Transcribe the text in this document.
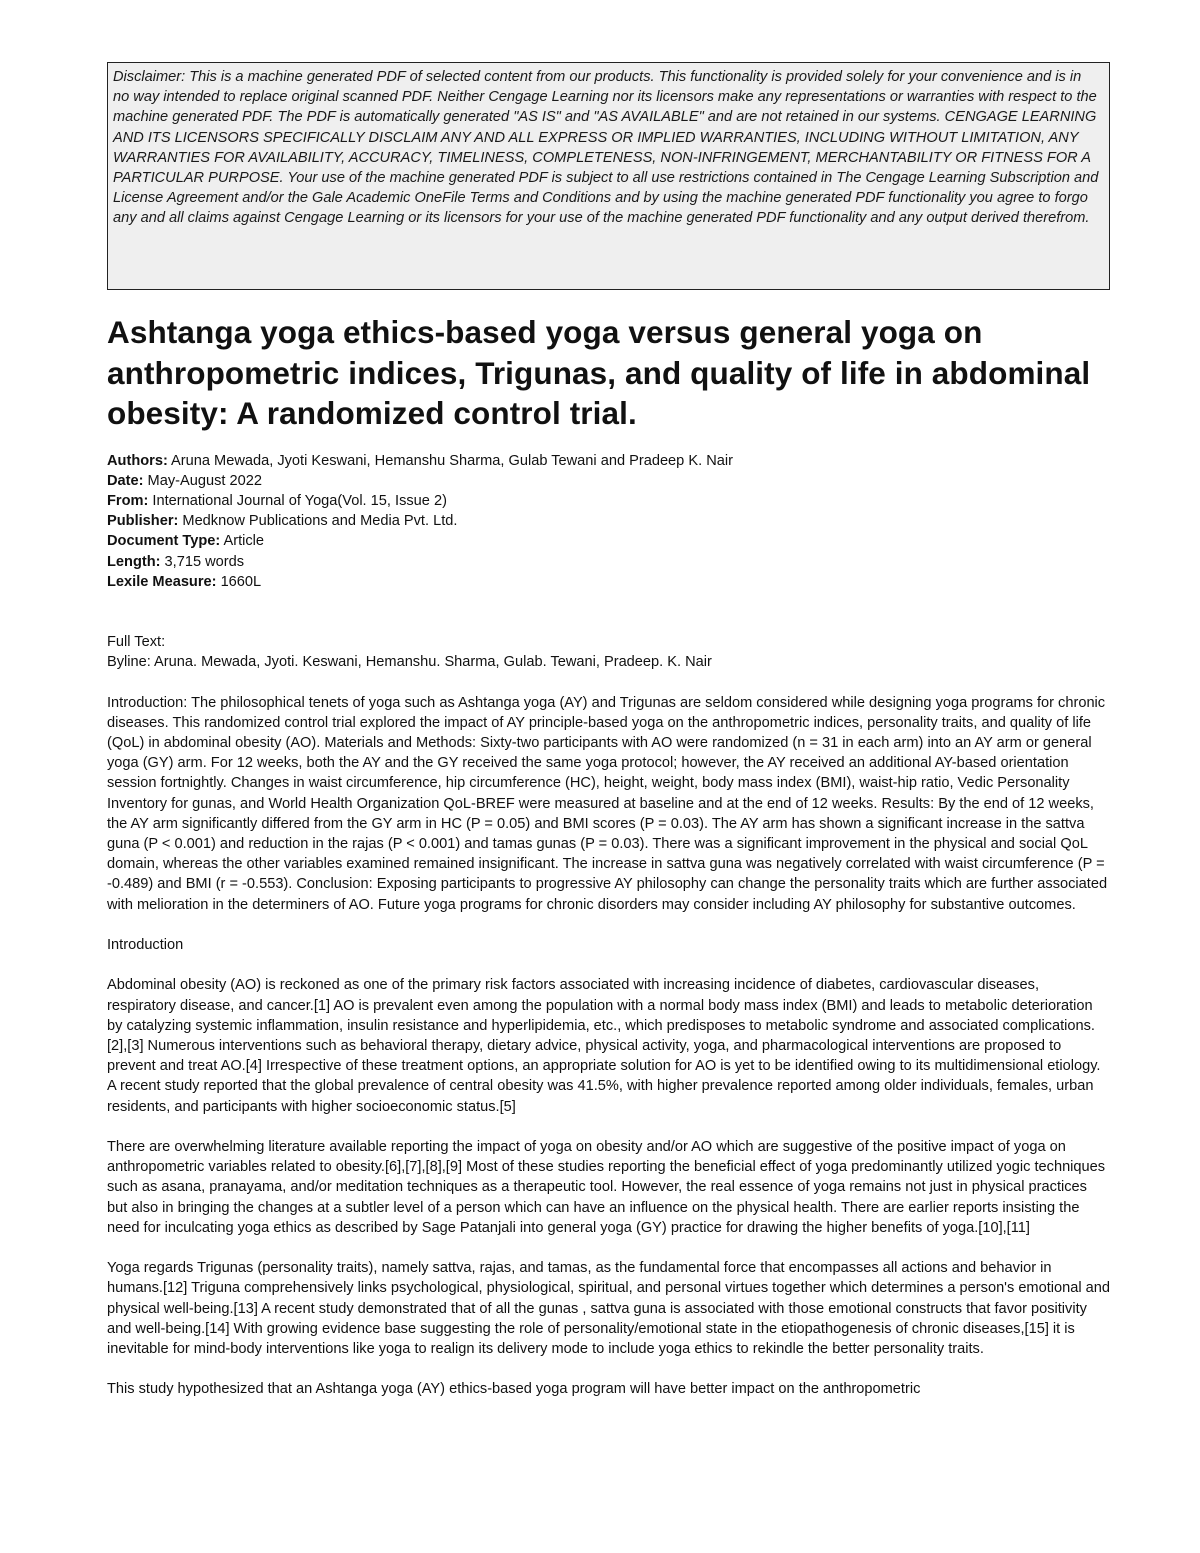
Disclaimer: This is a machine generated PDF of selected content from our products. This functionality is provided solely for your convenience and is in no way intended to replace original scanned PDF. Neither Cengage Learning nor its licensors make any representations or warranties with respect to the machine generated PDF. The PDF is automatically generated "AS IS" and "AS AVAILABLE" and are not retained in our systems. CENGAGE LEARNING AND ITS LICENSORS SPECIFICALLY DISCLAIM ANY AND ALL EXPRESS OR IMPLIED WARRANTIES, INCLUDING WITHOUT LIMITATION, ANY WARRANTIES FOR AVAILABILITY, ACCURACY, TIMELINESS, COMPLETENESS, NON-INFRINGEMENT, MERCHANTABILITY OR FITNESS FOR A PARTICULAR PURPOSE. Your use of the machine generated PDF is subject to all use restrictions contained in The Cengage Learning Subscription and License Agreement and/or the Gale Academic OneFile Terms and Conditions and by using the machine generated PDF functionality you agree to forgo any and all claims against Cengage Learning or its licensors for your use of the machine generated PDF functionality and any output derived therefrom.
Ashtanga yoga ethics-based yoga versus general yoga on anthropometric indices, Trigunas, and quality of life in abdominal obesity: A randomized control trial.
Authors: Aruna Mewada, Jyoti Keswani, Hemanshu Sharma, Gulab Tewani and Pradeep K. Nair
Date: May-August 2022
From: International Journal of Yoga(Vol. 15, Issue 2)
Publisher: Medknow Publications and Media Pvt. Ltd.
Document Type: Article
Length: 3,715 words
Lexile Measure: 1660L

Full Text:

Byline: Aruna. Mewada, Jyoti. Keswani, Hemanshu. Sharma, Gulab. Tewani, Pradeep. K. Nair

Introduction: The philosophical tenets of yoga such as Ashtanga yoga (AY) and Trigunas are seldom considered while designing yoga programs for chronic diseases. This randomized control trial explored the impact of AY principle-based yoga on the anthropometric indices, personality traits, and quality of life (QoL) in abdominal obesity (AO). Materials and Methods: Sixty-two participants with AO were randomized (n = 31 in each arm) into an AY arm or general yoga (GY) arm. For 12 weeks, both the AY and the GY received the same yoga protocol; however, the AY received an additional AY-based orientation session fortnightly. Changes in waist circumference, hip circumference (HC), height, weight, body mass index (BMI), waist-hip ratio, Vedic Personality Inventory for gunas, and World Health Organization QoL-BREF were measured at baseline and at the end of 12 weeks. Results: By the end of 12 weeks, the AY arm significantly differed from the GY arm in HC (P = 0.05) and BMI scores (P = 0.03). The AY arm has shown a significant increase in the sattva guna (P < 0.001) and reduction in the rajas (P < 0.001) and tamas gunas (P = 0.03). There was a significant improvement in the physical and social QoL domain, whereas the other variables examined remained insignificant. The increase in sattva guna was negatively correlated with waist circumference (P = -0.489) and BMI (r = -0.553). Conclusion: Exposing participants to progressive AY philosophy can change the personality traits which are further associated with melioration in the determiners of AO. Future yoga programs for chronic disorders may consider including AY philosophy for substantive outcomes.

Introduction

Abdominal obesity (AO) is reckoned as one of the primary risk factors associated with increasing incidence of diabetes, cardiovascular diseases, respiratory disease, and cancer.[1] AO is prevalent even among the population with a normal body mass index (BMI) and leads to metabolic deterioration by catalyzing systemic inflammation, insulin resistance and hyperlipidemia, etc., which predisposes to metabolic syndrome and associated complications.[2],[3] Numerous interventions such as behavioral therapy, dietary advice, physical activity, yoga, and pharmacological interventions are proposed to prevent and treat AO.[4] Irrespective of these treatment options, an appropriate solution for AO is yet to be identified owing to its multidimensional etiology. A recent study reported that the global prevalence of central obesity was 41.5%, with higher prevalence reported among older individuals, females, urban residents, and participants with higher socioeconomic status.[5]

There are overwhelming literature available reporting the impact of yoga on obesity and/or AO which are suggestive of the positive impact of yoga on anthropometric variables related to obesity.[6],[7],[8],[9] Most of these studies reporting the beneficial effect of yoga predominantly utilized yogic techniques such as asana, pranayama, and/or meditation techniques as a therapeutic tool. However, the real essence of yoga remains not just in physical practices but also in bringing the changes at a subtler level of a person which can have an influence on the physical health. There are earlier reports insisting the need for inculcating yoga ethics as described by Sage Patanjali into general yoga (GY) practice for drawing the higher benefits of yoga.[10],[11]

Yoga regards Trigunas (personality traits), namely sattva, rajas, and tamas, as the fundamental force that encompasses all actions and behavior in humans.[12] Triguna comprehensively links psychological, physiological, spiritual, and personal virtues together which determines a person's emotional and physical well-being.[13] A recent study demonstrated that of all the gunas , sattva guna is associated with those emotional constructs that favor positivity and well-being.[14] With growing evidence base suggesting the role of personality/emotional state in the etiopathogenesis of chronic diseases,[15] it is inevitable for mind-body interventions like yoga to realign its delivery mode to include yoga ethics to rekindle the better personality traits.

This study hypothesized that an Ashtanga yoga (AY) ethics-based yoga program will have better impact on the anthropometric
